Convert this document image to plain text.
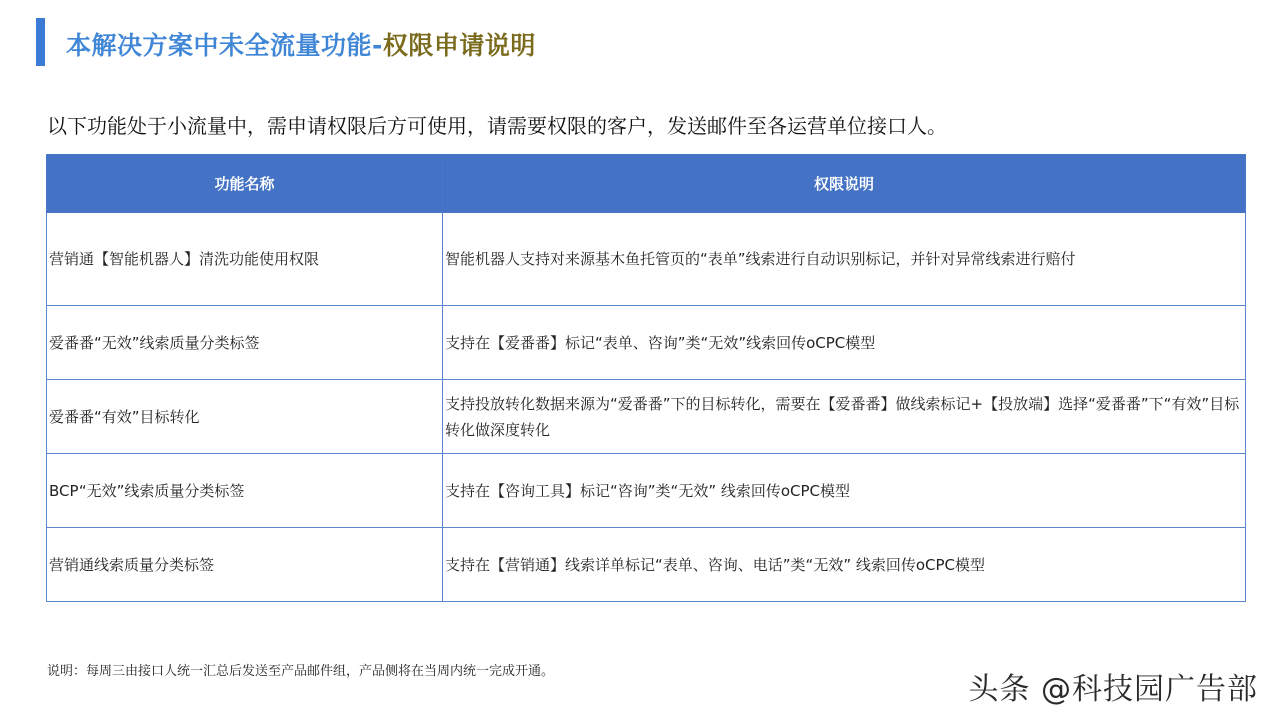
本解决方案中未全流量功能-权限申请说明
以下功能处于小流量中，需申请权限后方可使用，请需要权限的客户，发送邮件至各运营单位接口人。
功能名称	权限说明
营销通【智能机器人】清洗功能使用权限	智能机器人支持对来源基木鱼托管页的“表单”线索进行自动识别标记，并针对异常线索进行赔付
爱番番“无效”线索质量分类标签	支持在【爱番番】标记“表单、咨询”类“无效”线索回传oCPC模型
爱番番“有效”目标转化	支持投放转化数据来源为“爱番番”下的目标转化，需要在【爱番番】做线索标记+【投放端】选择“爱番番”下“有效”目标转化做深度转化
BCP“无效”线索质量分类标签	支持在【咨询工具】标记“咨询”类“无效” 线索回传oCPC模型
营销通线索质量分类标签	支持在【营销通】线索详单标记“表单、咨询、电话”类“无效” 线索回传oCPC模型
说明：每周三由接口人统一汇总后发送至产品邮件组，产品侧将在当周内统一完成开通。
头条 @科技园广告部
